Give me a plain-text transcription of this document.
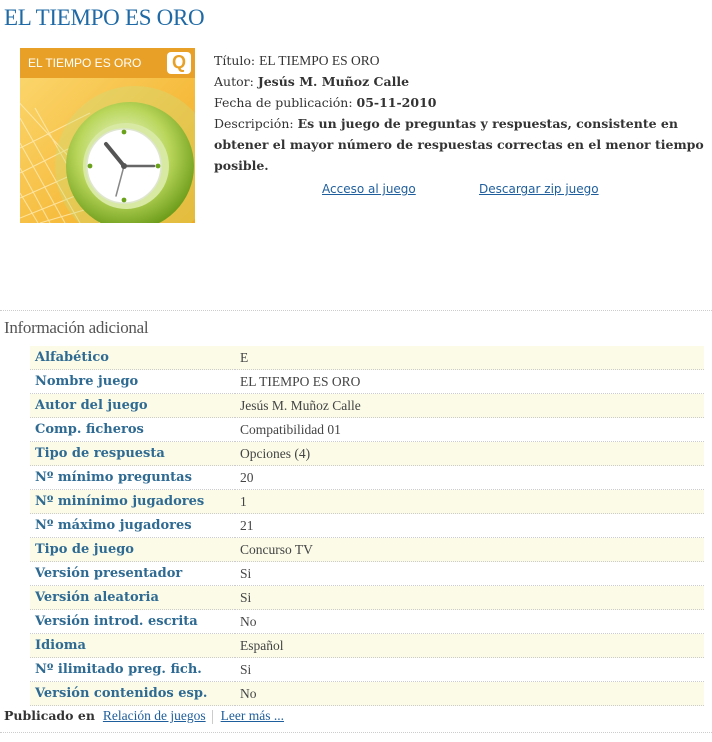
EL TIEMPO ES ORO
EL TIEMPO ES ORO Q Título: EL TIEMPO ES ORO
Autor: Jesús M. Muñoz Calle
Fecha de publicación: 05-11-2010
Descripción: Es un juego de preguntas y respuestas, consistente en obtener el mayor número de respuestas correctas en el menor tiempo posible.
Acceso al juego	Descargar zip juego
Información adicional
Alfabético	E
Nombre juego	EL TIEMPO ES ORO
Autor del juego	Jesús M. Muñoz Calle
Comp. ficheros	Compatibilidad 01
Tipo de respuesta	Opciones (4)
Nº mínimo preguntas	20
Nº minínimo jugadores	1
Nº máximo jugadores	21
Tipo de juego	Concurso TV
Versión presentador	Si
Versión aleatoria	Si
Versión introd. escrita	No
Idioma	Español
Nº ilimitado preg. fich.	Si
Versión contenidos esp.	No
Publicado en Relación de juegos Leer más ...
